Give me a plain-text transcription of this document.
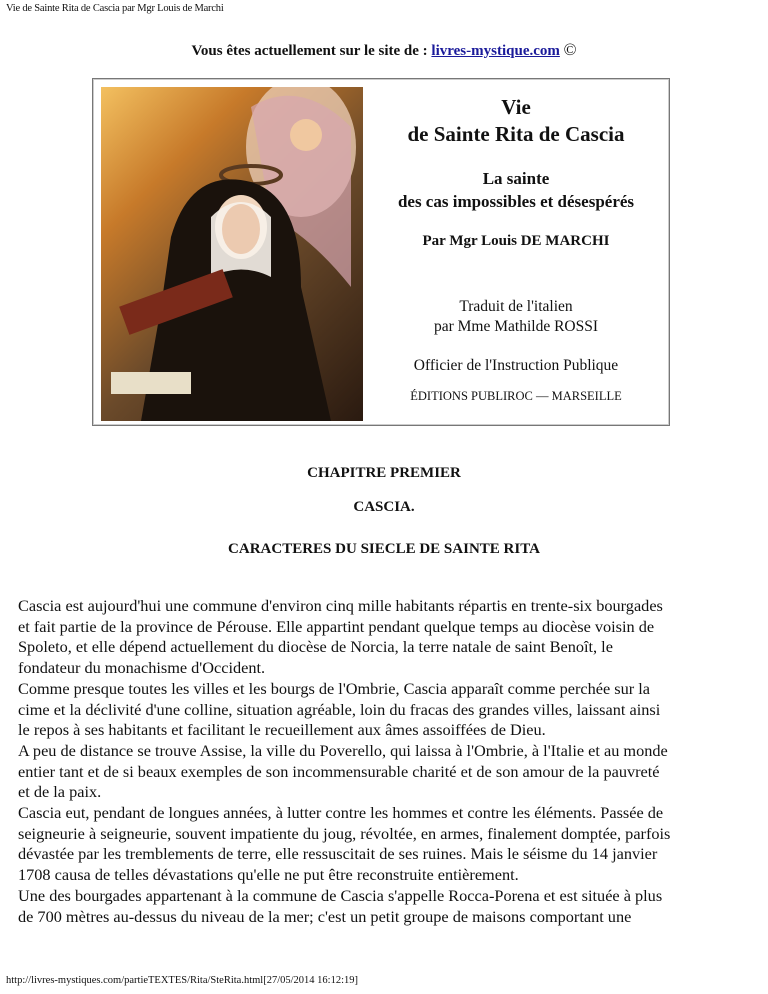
Vie de Sainte Rita de Cascia par Mgr Louis de Marchi
Vous êtes actuellement sur le site de : livres-mystique.com ©
Vie
de Sainte Rita de Cascia
La sainte
des cas impossibles et désespérés
Par Mgr Louis DE MARCHI
Traduit de l'italien
par Mme Mathilde ROSSI
Officier de l'Instruction Publique
ÉDITIONS PUBLIROC — MARSEILLE
CHAPITRE PREMIER
CASCIA.
CARACTERES DU SIECLE DE SAINTE RITA
Cascia est aujourd'hui une commune d'environ cinq mille habitants répartis en trente-six bourgades
et fait partie de la province de Pérouse. Elle appartint pendant quelque temps au diocèse voisin de
Spoleto, et elle dépend actuellement du diocèse de Norcia, la terre natale de saint Benoît, le
fondateur du monachisme d'Occident.
Comme presque toutes les villes et les bourgs de l'Ombrie, Cascia apparaît comme perchée sur la
cime et la déclivité d'une colline, situation agréable, loin du fracas des grandes villes, laissant ainsi
le repos à ses habitants et facilitant le recueillement aux âmes assoiffées de Dieu.
A peu de distance se trouve Assise, la ville du Poverello, qui laissa à l'Ombrie, à l'Italie et au monde
entier tant et de si beaux exemples de son incommensurable charité et de son amour de la pauvreté
et de la paix.
Cascia eut, pendant de longues années, à lutter contre les hommes et contre les éléments. Passée de
seigneurie à seigneurie, souvent impatiente du joug, révoltée, en armes, finalement domptée, parfois
dévastée par les tremblements de terre, elle ressuscitait de ses ruines. Mais le séisme du 14 janvier
1708 causa de telles dévastations qu'elle ne put être reconstruite entièrement.
Une des bourgades appartenant à la commune de Cascia s'appelle Rocca-Porena et est située à plus
de 700 mètres au-dessus du niveau de la mer; c'est un petit groupe de maisons comportant une
http://livres-mystiques.com/partieTEXTES/Rita/SteRita.html[27/05/2014 16:12:19]
